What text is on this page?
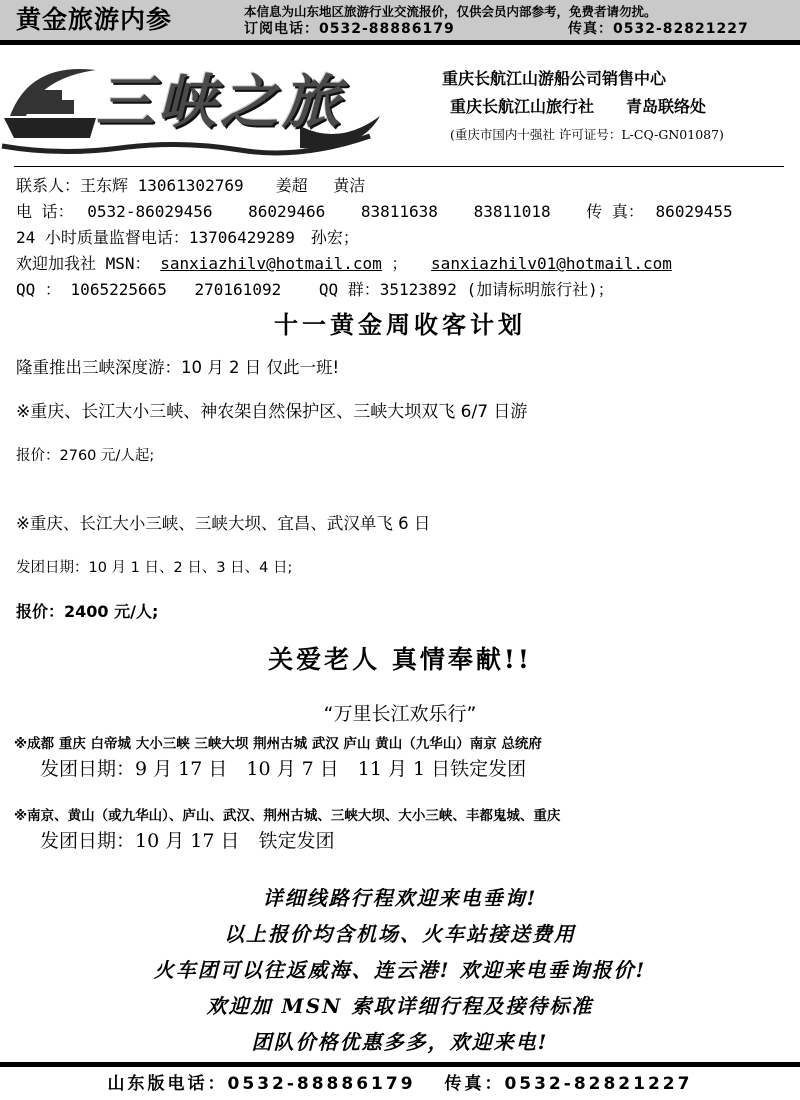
黄金旅游内参	本信息为山东地区旅游行业交流报价，仅供会员内部参考，免费者请勿扰。
订阅电话：0532-88886179	传真：0532-82821227
三峡之旅	重庆长航江山游船公司销售中心
重庆长航江山旅行社　　青岛联络处
(重庆市国内十强社 许可证号：L-CQ-GN01087)
联系人：王东辉 13061302769　　姜超　 黄洁
电 话： 0532-86029456 86029466 83811638 83811018 传 真： 86029455
24 小时质量监督电话：13706429289　孙宏；
欢迎加我社 MSN： sanxiazhilv@hotmail.com ； sanxiazhilv01@hotmail.com
QQ ： 1065225665 270161092 QQ 群：35123892 (加请标明旅行社)；
十一黄金周收客计划
隆重推出三峡深度游：10 月 2 日 仅此一班!
※重庆、长江大小三峡、神农架自然保护区、三峡大坝双飞 6/7 日游
报价：2760 元/人起;
※重庆、长江大小三峡、三峡大坝、宜昌、武汉单飞 6 日
发团日期：10 月 1 日、2 日、3 日、4 日;
报价：2400 元/人;
关爱老人 真情奉献!!
“万里长江欢乐行”
※成都 重庆 白帝城 大小三峡 三峡大坝 荆州古城 武汉 庐山 黄山（九华山）南京 总统府
发团日期：9 月 17 日　10 月 7 日　11 月 1 日铁定发团
※南京、黄山（或九华山）、庐山、武汉、荆州古城、三峡大坝、大小三峡、丰都鬼城、重庆
发团日期：10 月 17 日　铁定发团
详细线路行程欢迎来电垂询!
以上报价均含机场、火车站接送费用
火车团可以往返威海、连云港! 欢迎来电垂询报价!
欢迎加 MSN 索取详细行程及接待标准
团队价格优惠多多，欢迎来电!
山东版电话：0532-88886179　 传真：0532-82821227
